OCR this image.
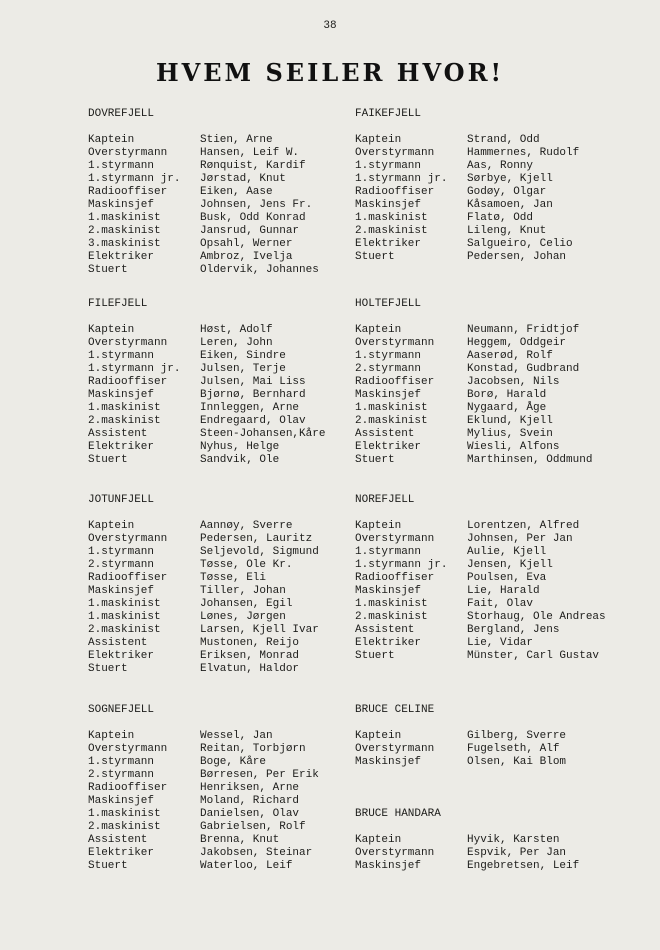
38
HVEM SEILER HVOR!
DOVREFJELL
Kaptein	Stien, Arne
Overstyrmann	Hansen, Leif W.
1.styrmann	Rønquist, Kardif
1.styrmann jr. Jørstad, Knut
Radiooffiser	Eiken, Aase
Maskinsjef	Johnsen, Jens Fr.
1.maskinist	Busk, Odd Konrad
2.maskinist	Jansrud, Gunnar
3.maskinist	Opsahl, Werner
Elektriker	Ambroz, Ivelja
Stuert	Oldervik, Johannes
FILEFJELL
Kaptein	Høst, Adolf
Overstyrmann	Leren, John
1.styrmann	Eiken, Sindre
1.styrmann jr. Julsen, Terje
Radiooffiser	Julsen, Mai Liss
Maskinsjef	Bjørnø, Bernhard
1.maskinist	Innleggen, Arne
2.maskinist	Endregaard, Olav
Assistent	Steen-Johansen,Kåre
Elektriker	Nyhus, Helge
Stuert	Sandvik, Ole
JOTUNFJELL
Kaptein	Aannøy, Sverre
Overstyrmann	Pedersen, Lauritz
1.styrmann	Seljevold, Sigmund
2.styrmann	Tøsse, Ole Kr.
Radiooffiser	Tøsse, Eli
Maskinsjef	Tiller, Johan
1.maskinist	Johansen, Egil
1.maskinist	Lønes, Jørgen
2.maskinist	Larsen, Kjell Ivar
Assistent	Mustonen, Reijo
Elektriker	Eriksen, Monrad
Stuert	Elvatun, Haldor
SOGNEFJELL
Kaptein	Wessel, Jan
Overstyrmann	Reitan, Torbjørn
1.styrmann	Boge, Kåre
2.styrmann	Børresen, Per Erik
Radiooffiser	Henriksen, Arne
Maskinsjef	Moland, Richard
1.maskinist	Danielsen, Olav
2.maskinist	Gabrielsen, Rolf
Assistent	Brenna, Knut
Elektriker	Jakobsen, Steinar
Stuert	Waterloo, Leif
FAIKEFJELL
Kaptein	Strand, Odd
Overstyrmann	Hammernes, Rudolf
1.styrmann	Aas, Ronny
1.styrmann jr. Sørbye, Kjell
Radiooffiser	Godøy, Olgar
Maskinsjef	Kåsamoen, Jan
1.maskinist	Flatø, Odd
2.maskinist	Lileng, Knut
Elektriker	Salgueiro, Celio
Stuert	Pedersen, Johan
HOLTEFJELL
Kaptein	Neumann, Fridtjof
Overstyrmann	Heggem, Oddgeir
1.styrmann	Aaserød, Rolf
2.styrmann	Konstad, Gudbrand
Radiooffiser	Jacobsen, Nils
Maskinsjef	Borø, Harald
1.maskinist	Nygaard, Åge
2.maskinist	Eklund, Kjell
Assistent	Mylius, Svein
Elektriker	Wiesli, Alfons
Stuert	Marthinsen, Oddmund
NOREFJELL
Kaptein	Lorentzen, Alfred
Overstyrmann	Johnsen, Per Jan
1.styrmann	Aulie, Kjell
1.styrmann jr. Jensen, Kjell
Radiooffiser	Poulsen, Eva
Maskinsjef	Lie, Harald
1.maskinist	Fait, Olav
2.maskinist	Storhaug, Ole Andreas
Assistent	Bergland, Jens
Elektriker	Lie, Vidar
Stuert	Münster, Carl Gustav
BRUCE CELINE
Kaptein	Gilberg, Sverre
Overstyrmann	Fugelseth, Alf
Maskinsjef	Olsen, Kai Blom
BRUCE HANDARA
Kaptein	Hyvik, Karsten
Overstyrmann	Espvik, Per Jan
Maskinsjef	Engebretsen, Leif
